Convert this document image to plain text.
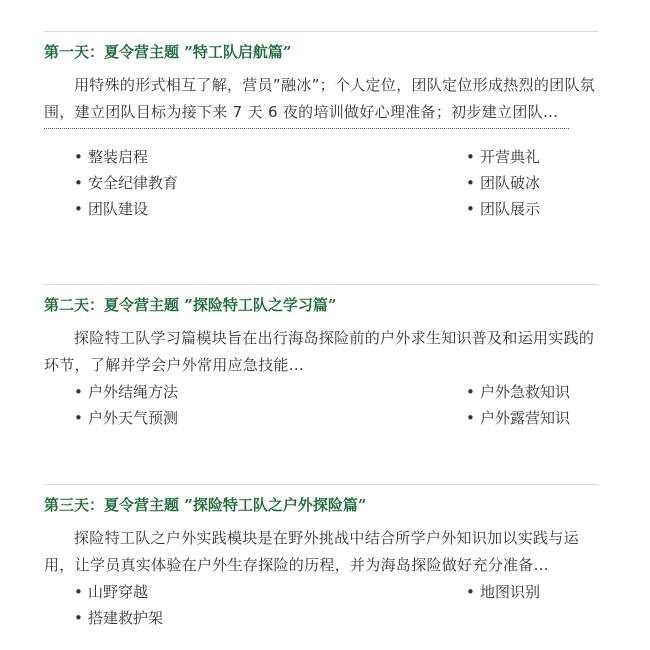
第一天：夏令营主题 ”特工队启航篇”
用特殊的形式相互了解，营员”融冰”；个人定位，团队定位形成热烈的团队氛围，建立团队目标为接下来 7 天 6 夜的培训做好心理准备；初步建立团队...
• 整装启程
• 安全纪律教育
• 团队建设
• 开营典礼
• 团队破冰
• 团队展示
第二天：夏令营主题 ”探险特工队之学习篇”
探险特工队学习篇模块旨在出行海岛探险前的户外求生知识普及和运用实践的环节，了解并学会户外常用应急技能...
• 户外结绳方法
• 户外天气预测
• 户外急救知识
• 户外露营知识
第三天：夏令营主题 ”探险特工队之户外探险篇”
探险特工队之户外实践模块是在野外挑战中结合所学户外知识加以实践与运用，让学员真实体验在户外生存探险的历程，并为海岛探险做好充分准备...
• 山野穿越
• 搭建救护架
• 地图识别
